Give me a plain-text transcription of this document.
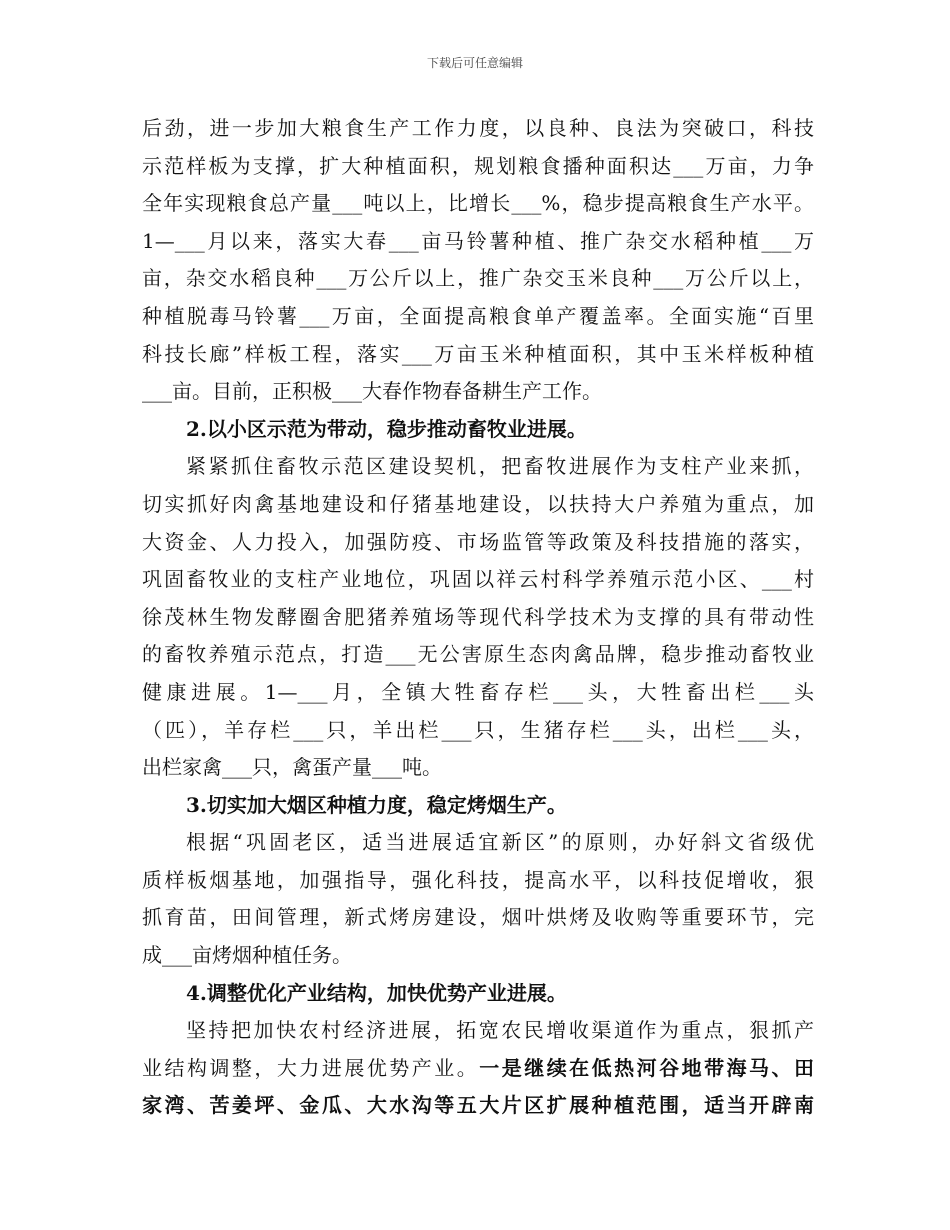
下载后可任意编辑
后劲，进一步加大粮食生产工作力度，以良种、良法为突破口，科技
示范样板为支撑，扩大种植面积，规划粮食播种面积达___万亩，力争
全年实现粮食总产量___吨以上，比增长___%，稳步提高粮食生产水平。
1—___月以来，落实大春___亩马铃薯种植、推广杂交水稻种植___万
亩，杂交水稻良种___万公斤以上，推广杂交玉米良种___万公斤以上，
种植脱毒马铃薯___万亩，全面提高粮食单产覆盖率。全面实施“百里
科技长廊”样板工程，落实___万亩玉米种植面积，其中玉米样板种植
___亩。目前，正积极___大春作物春备耕生产工作。
2.以小区示范为带动，稳步推动畜牧业进展。
紧紧抓住畜牧示范区建设契机，把畜牧进展作为支柱产业来抓，
切实抓好肉禽基地建设和仔猪基地建设，以扶持大户养殖为重点，加
大资金、人力投入，加强防疫、市场监管等政策及科技措施的落实，
巩固畜牧业的支柱产业地位，巩固以祥云村科学养殖示范小区、___村
徐茂林生物发酵圈舍肥猪养殖场等现代科学技术为支撑的具有带动性
的畜牧养殖示范点，打造___无公害原生态肉禽品牌，稳步推动畜牧业
健康进展。1—___月，全镇大牲畜存栏___头，大牲畜出栏___头
（匹），羊存栏___只，羊出栏___只，生猪存栏___头，出栏___头，
出栏家禽___只，禽蛋产量___吨。
3.切实加大烟区种植力度，稳定烤烟生产。
根据“巩固老区，适当进展适宜新区”的原则，办好斜文省级优
质样板烟基地，加强指导，强化科技，提高水平，以科技促增收，狠
抓育苗，田间管理，新式烤房建设，烟叶烘烤及收购等重要环节，完
成___亩烤烟种植任务。
4.调整优化产业结构，加快优势产业进展。
坚持把加快农村经济进展，拓宽农民增收渠道作为重点，狠抓产
业结构调整，大力进展优势产业。一是继续在低热河谷地带海马、田
家湾、苦姜坪、金瓜、大水沟等五大片区扩展种植范围，适当开辟南
